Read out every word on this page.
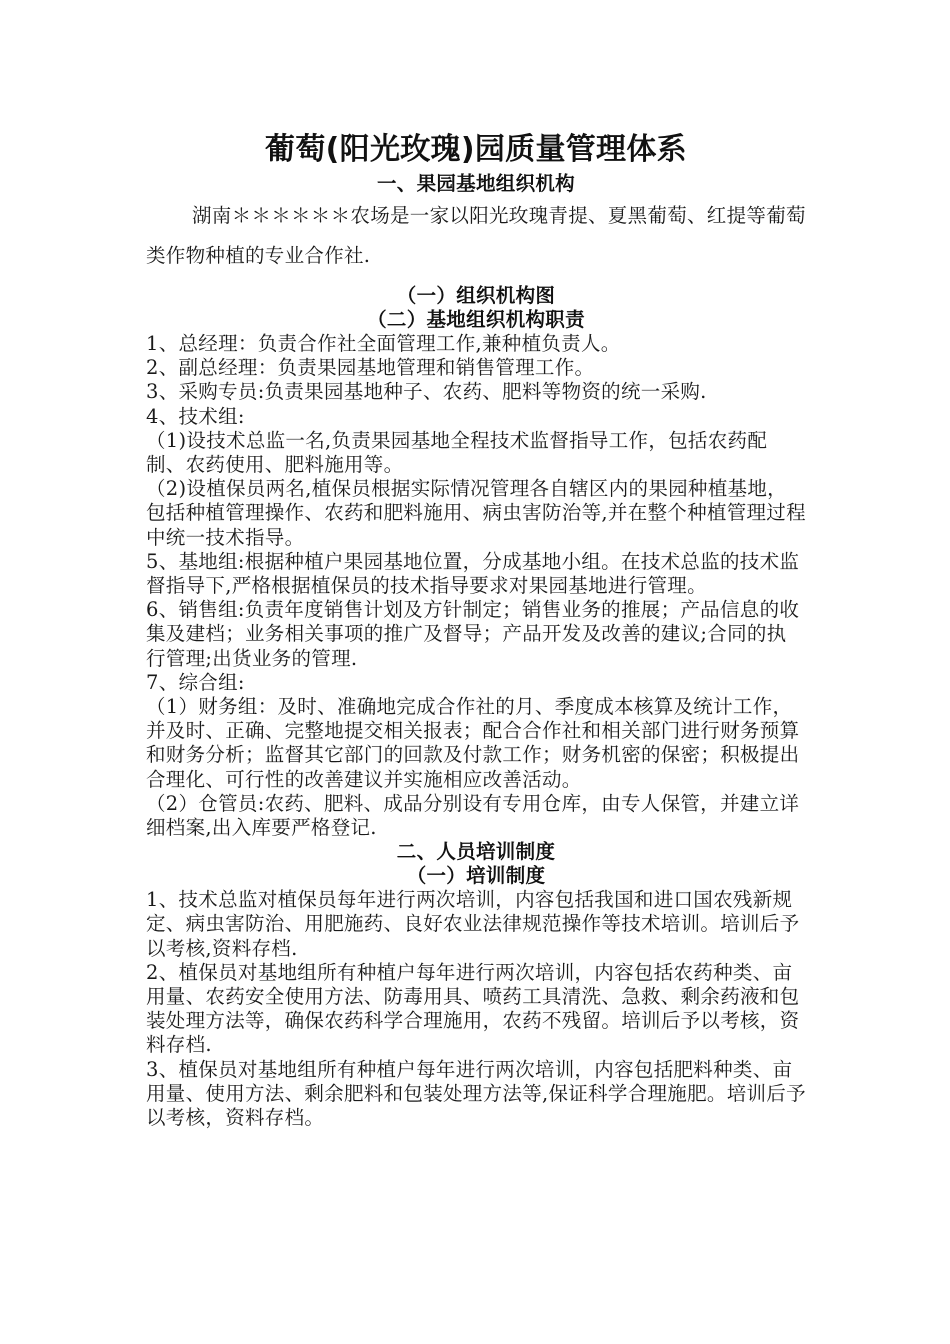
葡萄(阳光玫瑰)园质量管理体系
一、果园基地组织机构

湖南＊＊＊＊＊＊农场是一家以阳光玫瑰青提、夏黑葡萄、红提等葡萄类作物种植的专业合作社.

（一）组织机构图
（二）基地组织机构职责

1、总经理：负责合作社全面管理工作,兼种植负责人。

2、副总经理：负责果园基地管理和销售管理工作。

3、采购专员:负责果园基地种子、农药、肥料等物资的统一采购.

4、技术组:

（1)设技术总监一名,负责果园基地全程技术监督指导工作，包括农药配制、农药使用、肥料施用等。

（2)设植保员两名,植保员根据实际情况管理各自辖区内的果园种植基地，包括种植管理操作、农药和肥料施用、病虫害防治等,并在整个种植管理过程中统一技术指导。

5、基地组:根据种植户果园基地位置，分成基地小组。在技术总监的技术监督指导下,严格根据植保员的技术指导要求对果园基地进行管理。

6、销售组:负责年度销售计划及方针制定；销售业务的推展；产品信息的收集及建档；业务相关事项的推广及督导；产品开发及改善的建议;合同的执行管理;出货业务的管理.

7、综合组:

（1）财务组：及时、准确地完成合作社的月、季度成本核算及统计工作，并及时、正确、完整地提交相关报表；配合合作社和相关部门进行财务预算和财务分析；监督其它部门的回款及付款工作；财务机密的保密；积极提出合理化、可行性的改善建议并实施相应改善活动。

（2）仓管员:农药、肥料、成品分别设有专用仓库，由专人保管，并建立详细档案,出入库要严格登记.

二、人员培训制度
（一）培训制度

1、技术总监对植保员每年进行两次培训，内容包括我国和进口国农残新规定、病虫害防治、用肥施药、良好农业法律规范操作等技术培训。培训后予以考核,资料存档.

2、植保员对基地组所有种植户每年进行两次培训，内容包括农药种类、亩用量、农药安全使用方法、防毒用具、喷药工具清洗、急救、剩余药液和包装处理方法等，确保农药科学合理施用，农药不残留。培训后予以考核，资料存档.

3、植保员对基地组所有种植户每年进行两次培训，内容包括肥料种类、亩用量、使用方法、剩余肥料和包装处理方法等,保证科学合理施肥。培训后予以考核，资料存档。
